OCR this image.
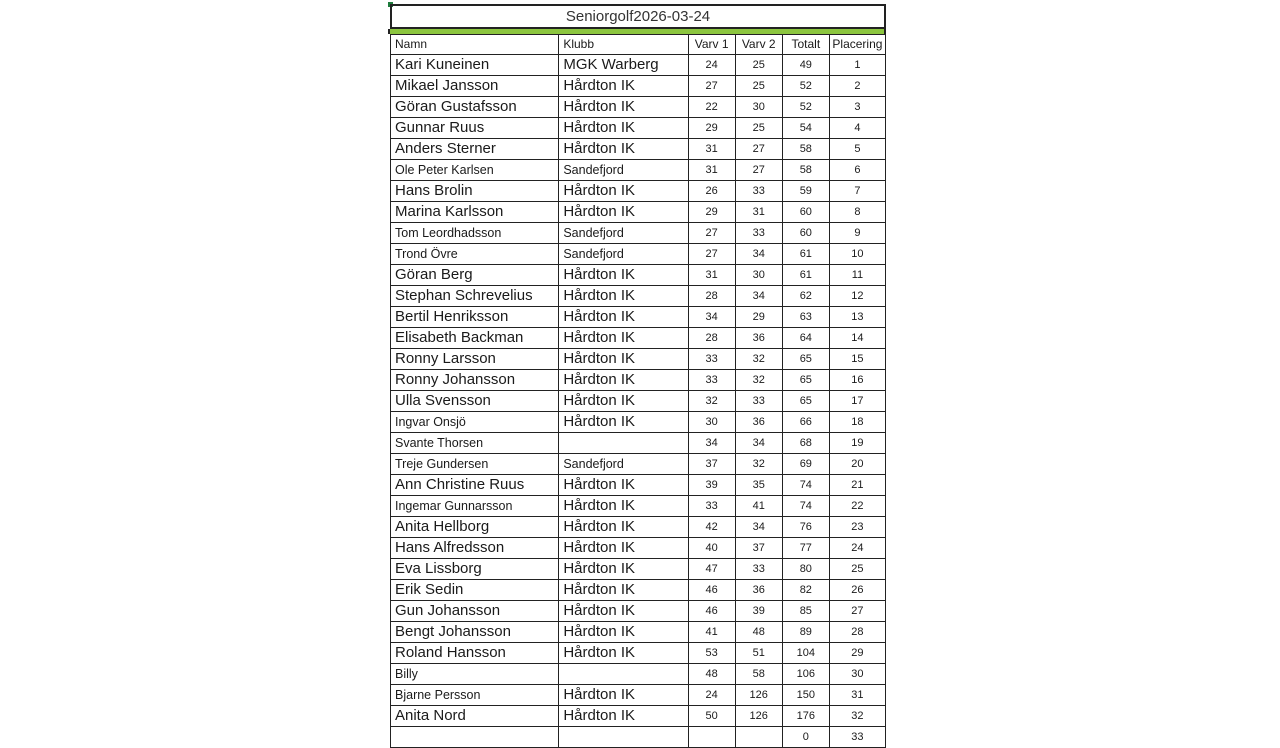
Seniorgolf2026-03-24
Namn	Klubb	Varv 1	Varv 2	Totalt	Placering
Kari Kuneinen	MGK Warberg	24	25	49	1
Mikael Jansson	Hårdton IK	27	25	52	2
Göran Gustafsson	Hårdton IK	22	30	52	3
Gunnar Ruus	Hårdton IK	29	25	54	4
Anders Sterner	Hårdton IK	31	27	58	5
Ole Peter Karlsen	Sandefjord	31	27	58	6
Hans Brolin	Hårdton IK	26	33	59	7
Marina Karlsson	Hårdton IK	29	31	60	8
Tom Leordhadsson	Sandefjord	27	33	60	9
Trond Övre	Sandefjord	27	34	61	10
Göran Berg	Hårdton IK	31	30	61	11
Stephan Schrevelius	Hårdton IK	28	34	62	12
Bertil Henriksson	Hårdton IK	34	29	63	13
Elisabeth Backman	Hårdton IK	28	36	64	14
Ronny Larsson	Hårdton IK	33	32	65	15
Ronny Johansson	Hårdton IK	33	32	65	16
Ulla Svensson	Hårdton IK	32	33	65	17
Ingvar Onsjö	Hårdton IK	30	36	66	18
Svante Thorsen		34	34	68	19
Treje Gundersen	Sandefjord	37	32	69	20
Ann Christine Ruus	Hårdton IK	39	35	74	21
Ingemar Gunnarsson	Hårdton IK	33	41	74	22
Anita Hellborg	Hårdton IK	42	34	76	23
Hans Alfredsson	Hårdton IK	40	37	77	24
Eva Lissborg	Hårdton IK	47	33	80	25
Erik Sedin	Hårdton IK	46	36	82	26
Gun Johansson	Hårdton IK	46	39	85	27
Bengt Johansson	Hårdton IK	41	48	89	28
Roland Hansson	Hårdton IK	53	51	104	29
Billy		48	58	106	30
Bjarne Persson	Hårdton IK	24	126	150	31
Anita Nord	Hårdton IK	50	126	176	32
				0	33
